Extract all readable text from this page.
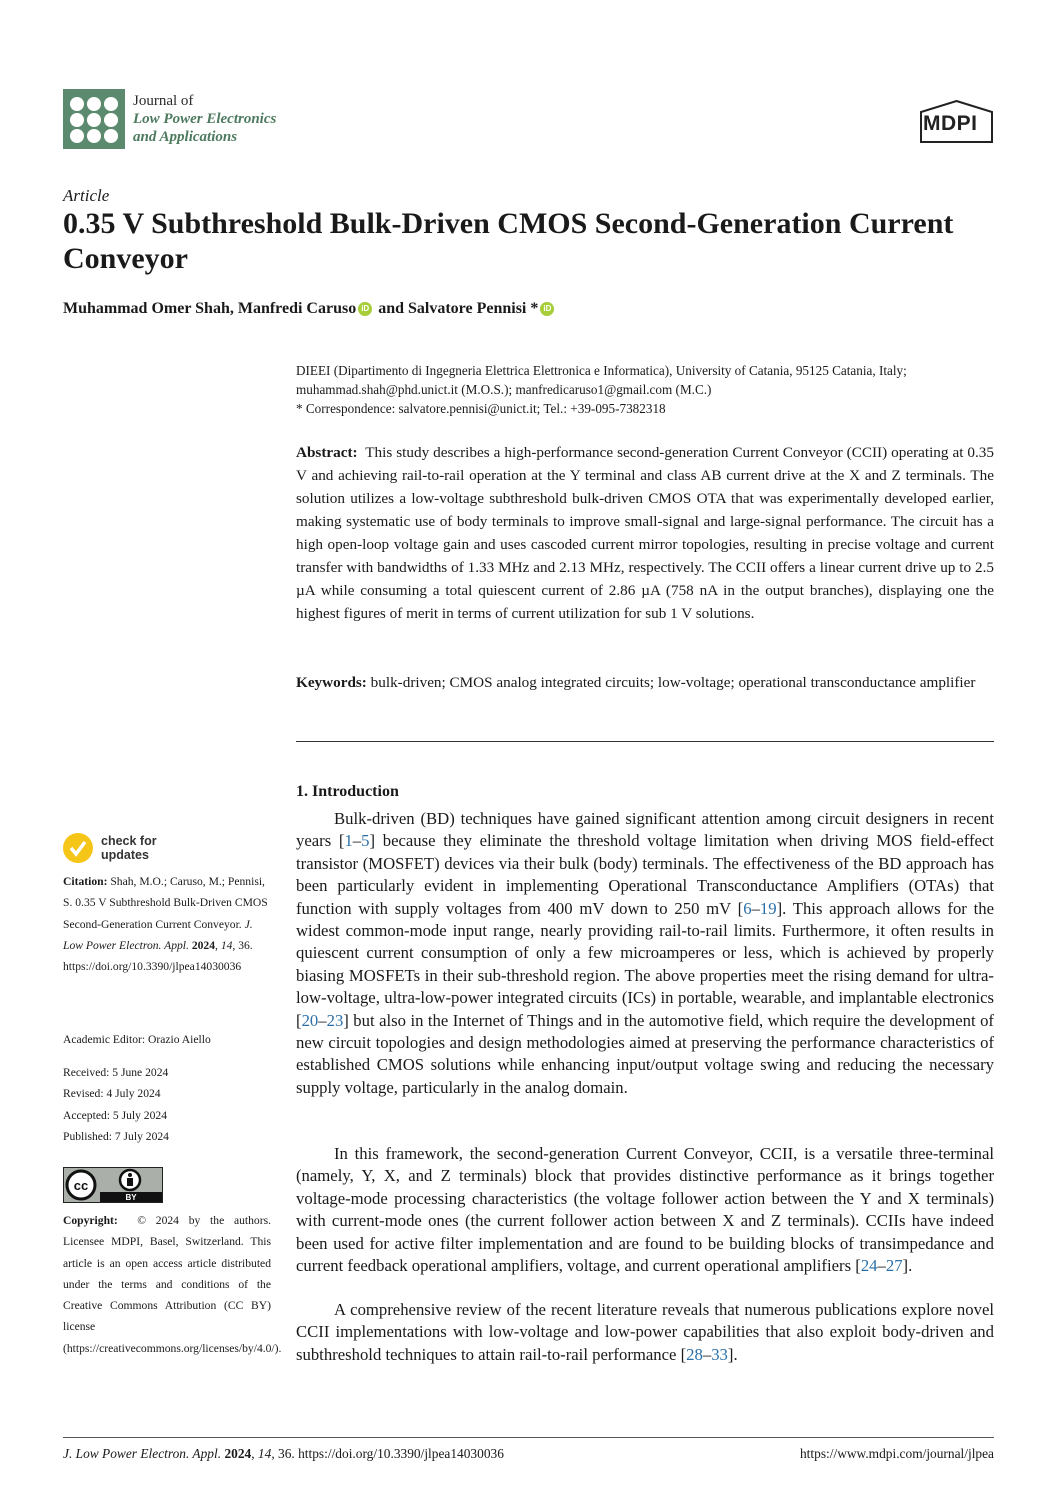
Journal of
Low Power Electronics
and Applications
MDPI
Article
0.35 V Subthreshold Bulk-Driven CMOS Second-Generation Current Conveyor
Muhammad Omer Shah, Manfredi Caruso iD and Salvatore Pennisi * iD
DIEEI (Dipartimento di Ingegneria Elettrica Elettronica e Informatica), University of Catania, 95125 Catania, Italy;
muhammad.shah@phd.unict.it (M.O.S.); manfredicaruso1@gmail.com (M.C.)
* Correspondence: salvatore.pennisi@unict.it; Tel.: +39-095-7382318
Abstract: This study describes a high-performance second-generation Current Conveyor (CCII) operating at 0.35 V and achieving rail-to-rail operation at the Y terminal and class AB current drive at the X and Z terminals. The solution utilizes a low-voltage subthreshold bulk-driven CMOS OTA that was experimentally developed earlier, making systematic use of body terminals to improve small-signal and large-signal performance. The circuit has a high open-loop voltage gain and uses cascoded current mirror topologies, resulting in precise voltage and current transfer with bandwidths of 1.33 MHz and 2.13 MHz, respectively. The CCII offers a linear current drive up to 2.5 µA while consuming a total quiescent current of 2.86 µA (758 nA in the output branches), displaying one the highest figures of merit in terms of current utilization for sub 1 V solutions.
Keywords: bulk-driven; CMOS analog integrated circuits; low-voltage; operational transconductance amplifier
1. Introduction
Bulk-driven (BD) techniques have gained significant attention among circuit designers in recent years [1–5] because they eliminate the threshold voltage limitation when driving MOS field-effect transistor (MOSFET) devices via their bulk (body) terminals. The effectiveness of the BD approach has been particularly evident in implementing Operational Transconductance Amplifiers (OTAs) that function with supply voltages from 400 mV down to 250 mV [6–19]. This approach allows for the widest common-mode input range, nearly providing rail-to-rail limits. Furthermore, it often results in quiescent current consumption of only a few microamperes or less, which is achieved by properly biasing MOSFETs in their sub-threshold region. The above properties meet the rising demand for ultra-low-voltage, ultra-low-power integrated circuits (ICs) in portable, wearable, and implantable electronics [20–23] but also in the Internet of Things and in the automotive field, which require the development of new circuit topologies and design methodologies aimed at preserving the performance characteristics of established CMOS solutions while enhancing input/output voltage swing and reducing the necessary supply voltage, particularly in the analog domain.
In this framework, the second-generation Current Conveyor, CCII, is a versatile three-terminal (namely, Y, X, and Z terminals) block that provides distinctive performance as it brings together voltage-mode processing characteristics (the voltage follower action between the Y and X terminals) with current-mode ones (the current follower action between X and Z terminals). CCIIs have indeed been used for active filter implementation and are found to be building blocks of transimpedance and current feedback operational amplifiers, voltage, and current operational amplifiers [24–27].
A comprehensive review of the recent literature reveals that numerous publications explore novel CCII implementations with low-voltage and low-power capabilities that also exploit body-driven and subthreshold techniques to attain rail-to-rail performance [28–33].
check for
updates
Citation: Shah, M.O.; Caruso, M.; Pennisi, S. 0.35 V Subthreshold Bulk-Driven CMOS Second-Generation Current Conveyor. J. Low Power Electron. Appl. 2024, 14, 36. https://doi.org/10.3390/jlpea14030036
Academic Editor: Orazio Aiello
Received: 5 June 2024
Revised: 4 July 2024
Accepted: 5 July 2024
Published: 7 July 2024
cc
BY
Copyright: © 2024 by the authors. Licensee MDPI, Basel, Switzerland. This article is an open access article distributed under the terms and conditions of the Creative Commons Attribution (CC BY) license (https://creativecommons.org/licenses/by/4.0/).
J. Low Power Electron. Appl. 2024, 14, 36. https://doi.org/10.3390/jlpea14030036	https://www.mdpi.com/journal/jlpea
